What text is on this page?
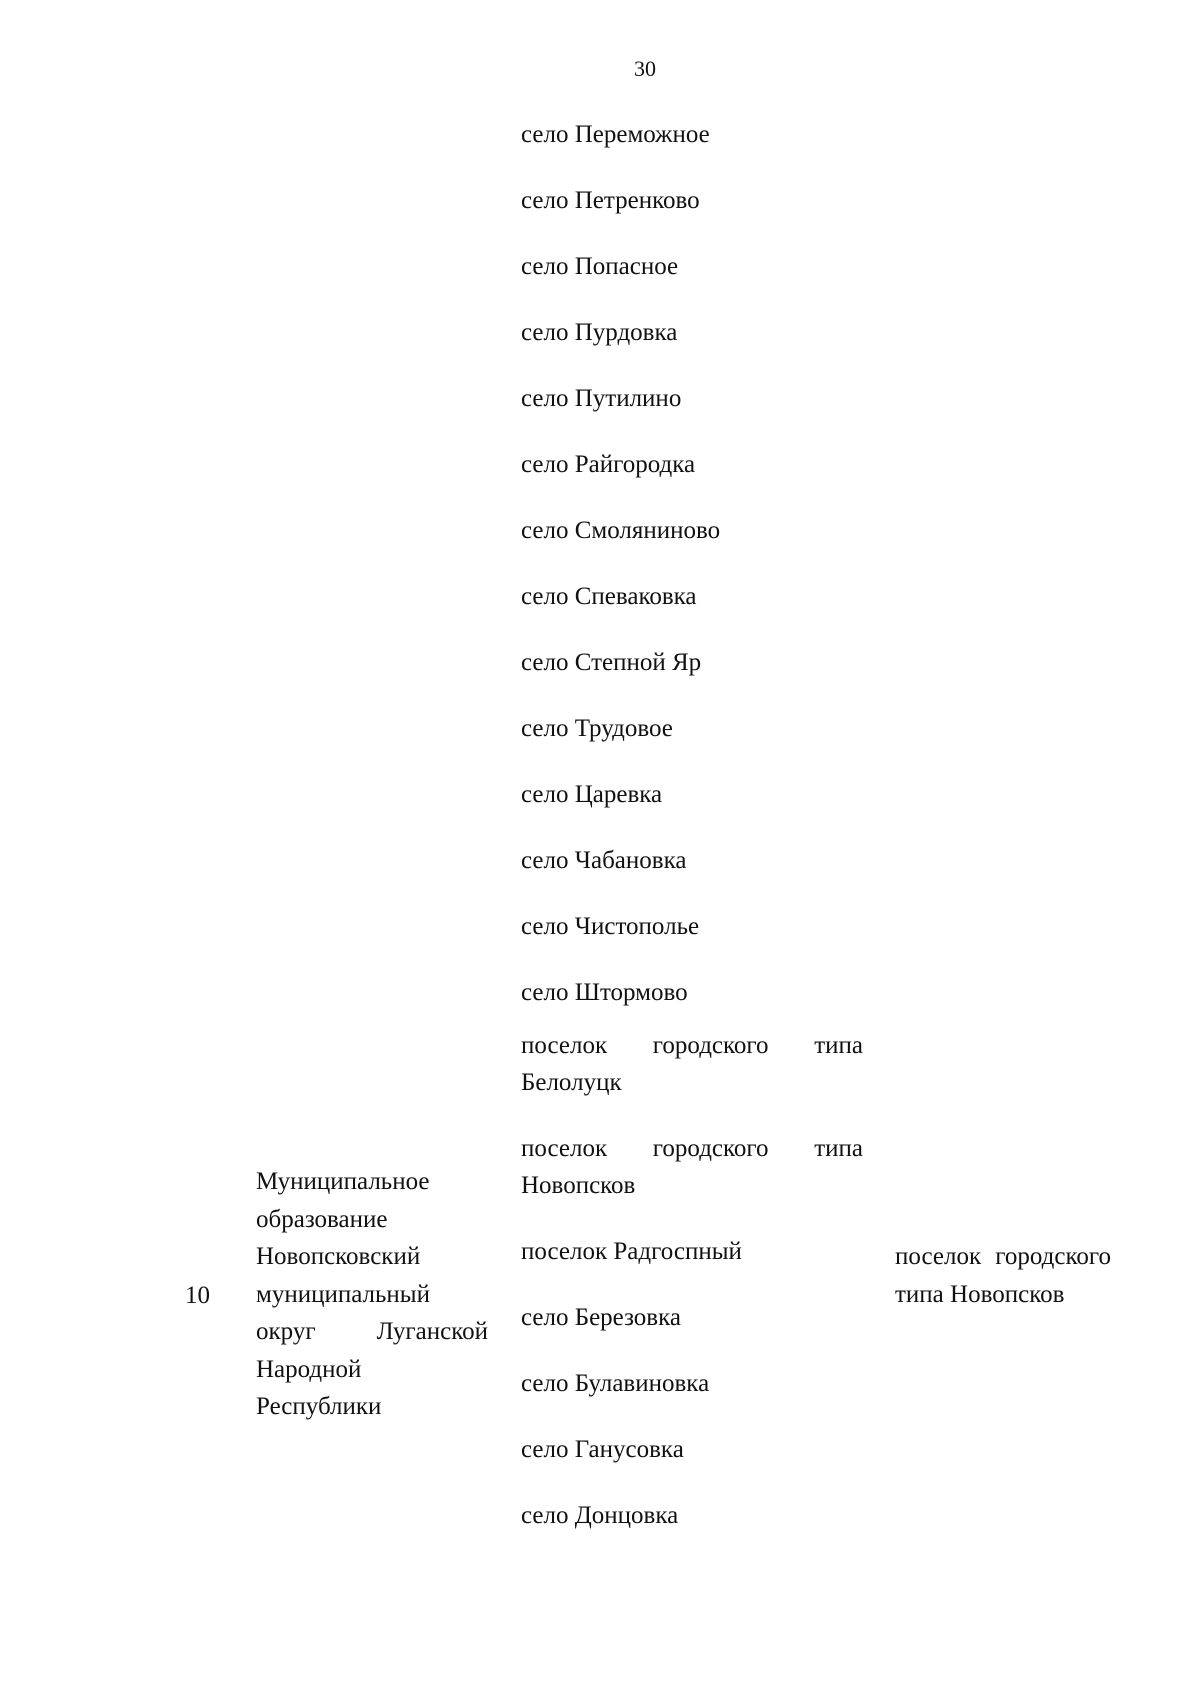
30
село Переможное
село Петренково
село Попасное
село Пурдовка
село Путилино
село Райгородка
село Смоляниново
село Спеваковка
село Степной Яр
село Трудовое
село Царевка
село Чабановка
село Чистополье
село Штормово
поселок городского типа Белолуцк
поселок городского типа Новопсков
поселок Радгоспный
село Березовка
село Булавиновка
село Ганусовка
село Донцовка
10
Муниципальное образование Новопсковский муниципальный округ Луганской Народной Республики
поселок городского типа Новопсков
